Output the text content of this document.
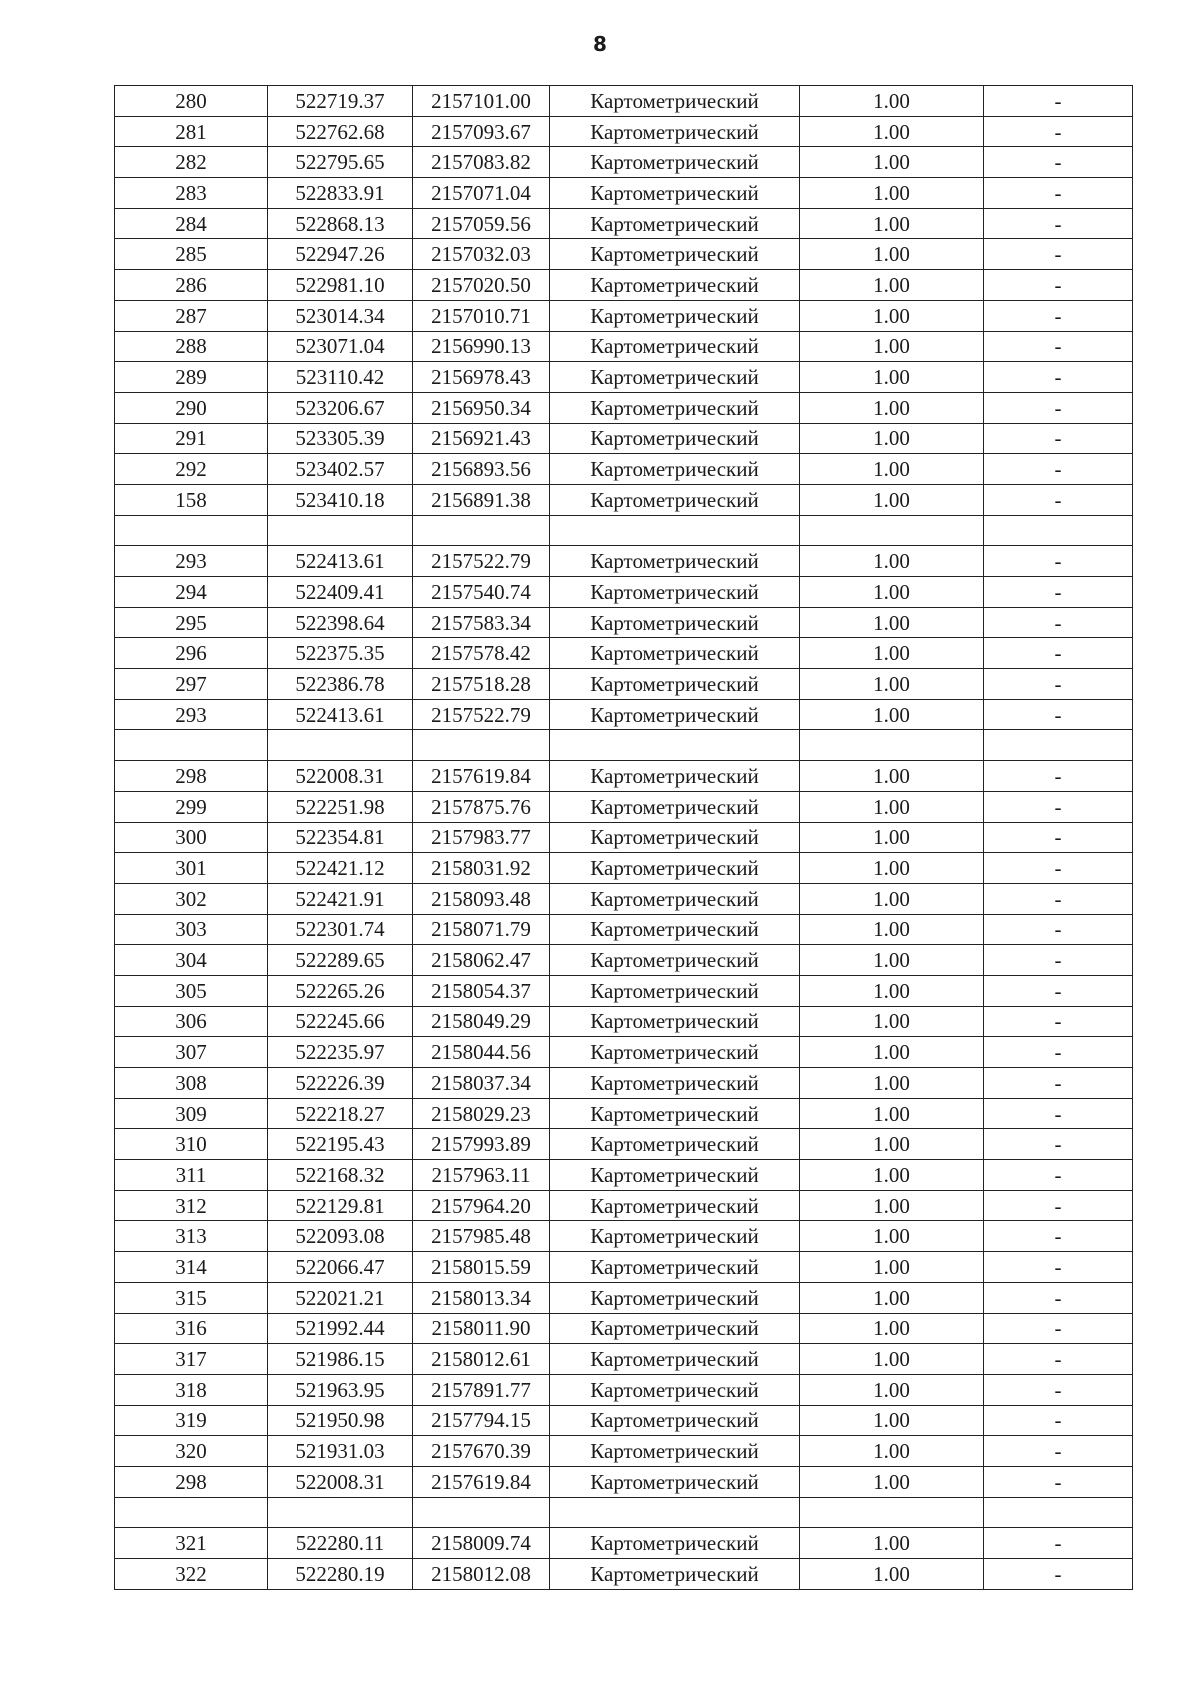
8
280	522719.37	2157101.00	Картометрический	1.00	-
281	522762.68	2157093.67	Картометрический	1.00	-
282	522795.65	2157083.82	Картометрический	1.00	-
283	522833.91	2157071.04	Картометрический	1.00	-
284	522868.13	2157059.56	Картометрический	1.00	-
285	522947.26	2157032.03	Картометрический	1.00	-
286	522981.10	2157020.50	Картометрический	1.00	-
287	523014.34	2157010.71	Картометрический	1.00	-
288	523071.04	2156990.13	Картометрический	1.00	-
289	523110.42	2156978.43	Картометрический	1.00	-
290	523206.67	2156950.34	Картометрический	1.00	-
291	523305.39	2156921.43	Картометрический	1.00	-
292	523402.57	2156893.56	Картометрический	1.00	-
158	523410.18	2156891.38	Картометрический	1.00	-

293	522413.61	2157522.79	Картометрический	1.00	-
294	522409.41	2157540.74	Картометрический	1.00	-
295	522398.64	2157583.34	Картометрический	1.00	-
296	522375.35	2157578.42	Картометрический	1.00	-
297	522386.78	2157518.28	Картометрический	1.00	-
293	522413.61	2157522.79	Картометрический	1.00	-

298	522008.31	2157619.84	Картометрический	1.00	-
299	522251.98	2157875.76	Картометрический	1.00	-
300	522354.81	2157983.77	Картометрический	1.00	-
301	522421.12	2158031.92	Картометрический	1.00	-
302	522421.91	2158093.48	Картометрический	1.00	-
303	522301.74	2158071.79	Картометрический	1.00	-
304	522289.65	2158062.47	Картометрический	1.00	-
305	522265.26	2158054.37	Картометрический	1.00	-
306	522245.66	2158049.29	Картометрический	1.00	-
307	522235.97	2158044.56	Картометрический	1.00	-
308	522226.39	2158037.34	Картометрический	1.00	-
309	522218.27	2158029.23	Картометрический	1.00	-
310	522195.43	2157993.89	Картометрический	1.00	-
311	522168.32	2157963.11	Картометрический	1.00	-
312	522129.81	2157964.20	Картометрический	1.00	-
313	522093.08	2157985.48	Картометрический	1.00	-
314	522066.47	2158015.59	Картометрический	1.00	-
315	522021.21	2158013.34	Картометрический	1.00	-
316	521992.44	2158011.90	Картометрический	1.00	-
317	521986.15	2158012.61	Картометрический	1.00	-
318	521963.95	2157891.77	Картометрический	1.00	-
319	521950.98	2157794.15	Картометрический	1.00	-
320	521931.03	2157670.39	Картометрический	1.00	-
298	522008.31	2157619.84	Картометрический	1.00	-

321	522280.11	2158009.74	Картометрический	1.00	-
322	522280.19	2158012.08	Картометрический	1.00	-
